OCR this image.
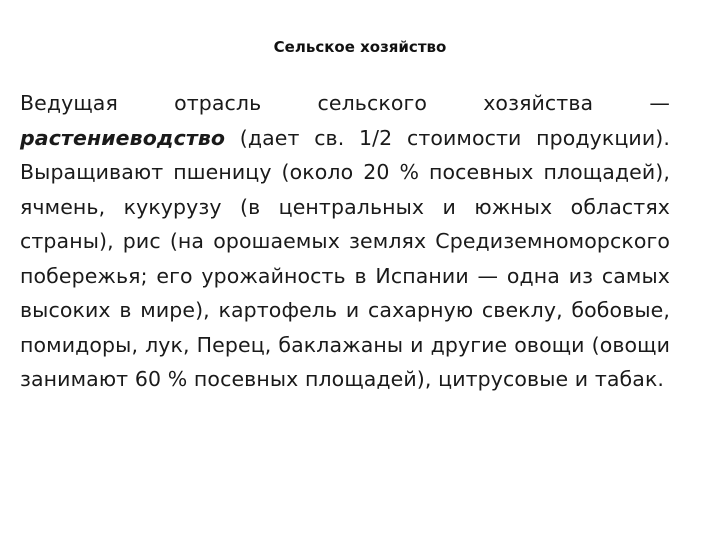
Сельское хозяйство

Ведущая отрасль сельского хозяйства — растениеводство (дает св. 1/2 стоимости продукции). Выращивают пшеницу (около 20 % посевных площадей), ячмень, кукурузу (в центральных и южных областях страны), рис (на орошаемых землях Средиземноморского побережья; его урожайность в Испании — одна из самых высоких в мире), картофель и сахарную свеклу, бобовые, помидоры, лук, Перец, баклажаны и другие овощи (овощи занимают 60 % посевных площадей), цитрусовые и табак.
